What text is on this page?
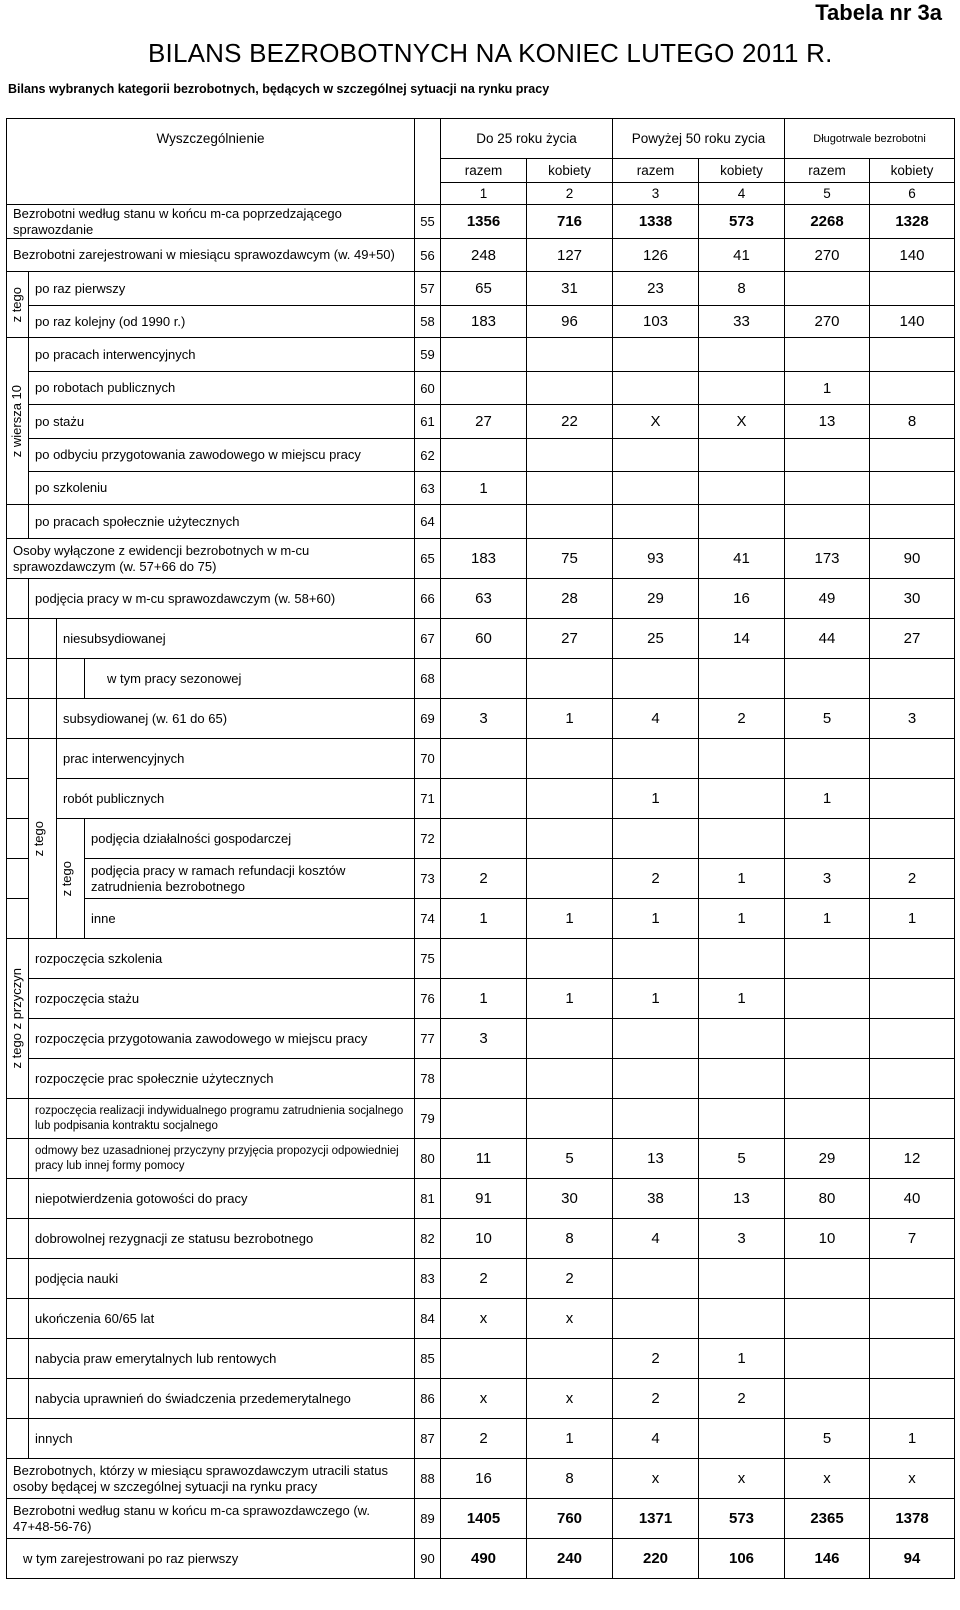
Tabela nr 3a
BILANS BEZROBOTNYCH NA KONIEC LUTEGO 2011 R.
Bilans wybranych kategorii bezrobotnych, będących w szczególnej sytuacji na rynku pracy
Wyszczególnienie					Do 25 roku życia		Powyżej 50 roku zycia		Długotrwale bezrobotni	
					razem	kobiety	razem	kobiety	razem	kobiety
					1	2	3	4	5	6
Bezrobotni według stanu w końcu m-ca poprzedzającego sprawozdanie				55	1356	716	1338	573	2268	1328
Bezrobotni zarejestrowani w miesiącu sprawozdawcym (w. 49+50)				56	248	127	126	41	270	140

z tego	po raz pierwszy			57	65	31	23	8		
	po raz kolejny (od 1990 r.)			58	183	96	103	33	270	140

z wiersza 10	po pracach interwencyjnych			59						
	po robotach publicznych			60					1	
	po stażu			61	27	22	X	X	13	8
	po odbyciu przygotowania zawodowego w miejscu pracy			62						
	po szkoleniu			63	1					
	po pracach społecznie użytecznych			64						
Osoby wyłączone z ewidencji bezrobotnych w m-cu sprawozdawczym (w. 57+66 do 75)				65	183	75	93	41	173	90
	podjęcia pracy w m-cu sprawozdawczym (w. 58+60)			66	63	28	29	16	49	30
		niesubsydiowanej		67	60	27	25	14	44	27
			w tym pracy sezonowej	68						
		subsydiowanej (w. 61 do 65)		69	3	1	4	2	5	3

	z tego	prac interwencyjnych		70						
		robót publicznych		71			1		1	

		z tego	podjęcia działalności gospodarczej	72						
			podjęcia pracy w ramach refundacji kosztów zatrudnienia bezrobotnego	73	2		2	1	3	2
			inne	74	1	1	1	1	1	1

z tego z przyczyn	rozpoczęcia szkolenia			75						
	rozpoczęcia stażu			76	1	1	1	1		
	rozpoczęcia przygotowania zawodowego w miejscu pracy			77	3					
	rozpoczęcie prac społecznie użytecznych			78						
	rozpoczęcia realizacji indywidualnego programu zatrudnienia socjalnego lub podpisania kontraktu socjalnego			79						
	odmowy bez uzasadnionej przyczyny przyjęcia propozycji odpowiedniej pracy lub innej formy pomocy			80	11	5	13	5	29	12
	niepotwierdzenia gotowości do pracy			81	91	30	38	13	80	40
	dobrowolnej rezygnacji ze statusu bezrobotnego			82	10	8	4	3	10	7
	podjęcia nauki			83	2	2				
	ukończenia 60/65 lat			84	x	x				
	nabycia praw emerytalnych lub rentowych			85			2	1		
	nabycia uprawnień do świadczenia przedemerytalnego			86	x	x	2	2		
	innych			87	2	1	4		5	1
Bezrobotnych, którzy w miesiącu sprawozdawczym utracili status osoby będącej w szczególnej sytuacji na rynku pracy				88	16	8	x	x	x	x
Bezrobotni według stanu w końcu m-ca sprawozdawczego (w. 47+48-56-76)				89	1405	760	1371	573	2365	1378
w tym zarejestrowani po raz pierwszy				90	490	240	220	106	146	94
